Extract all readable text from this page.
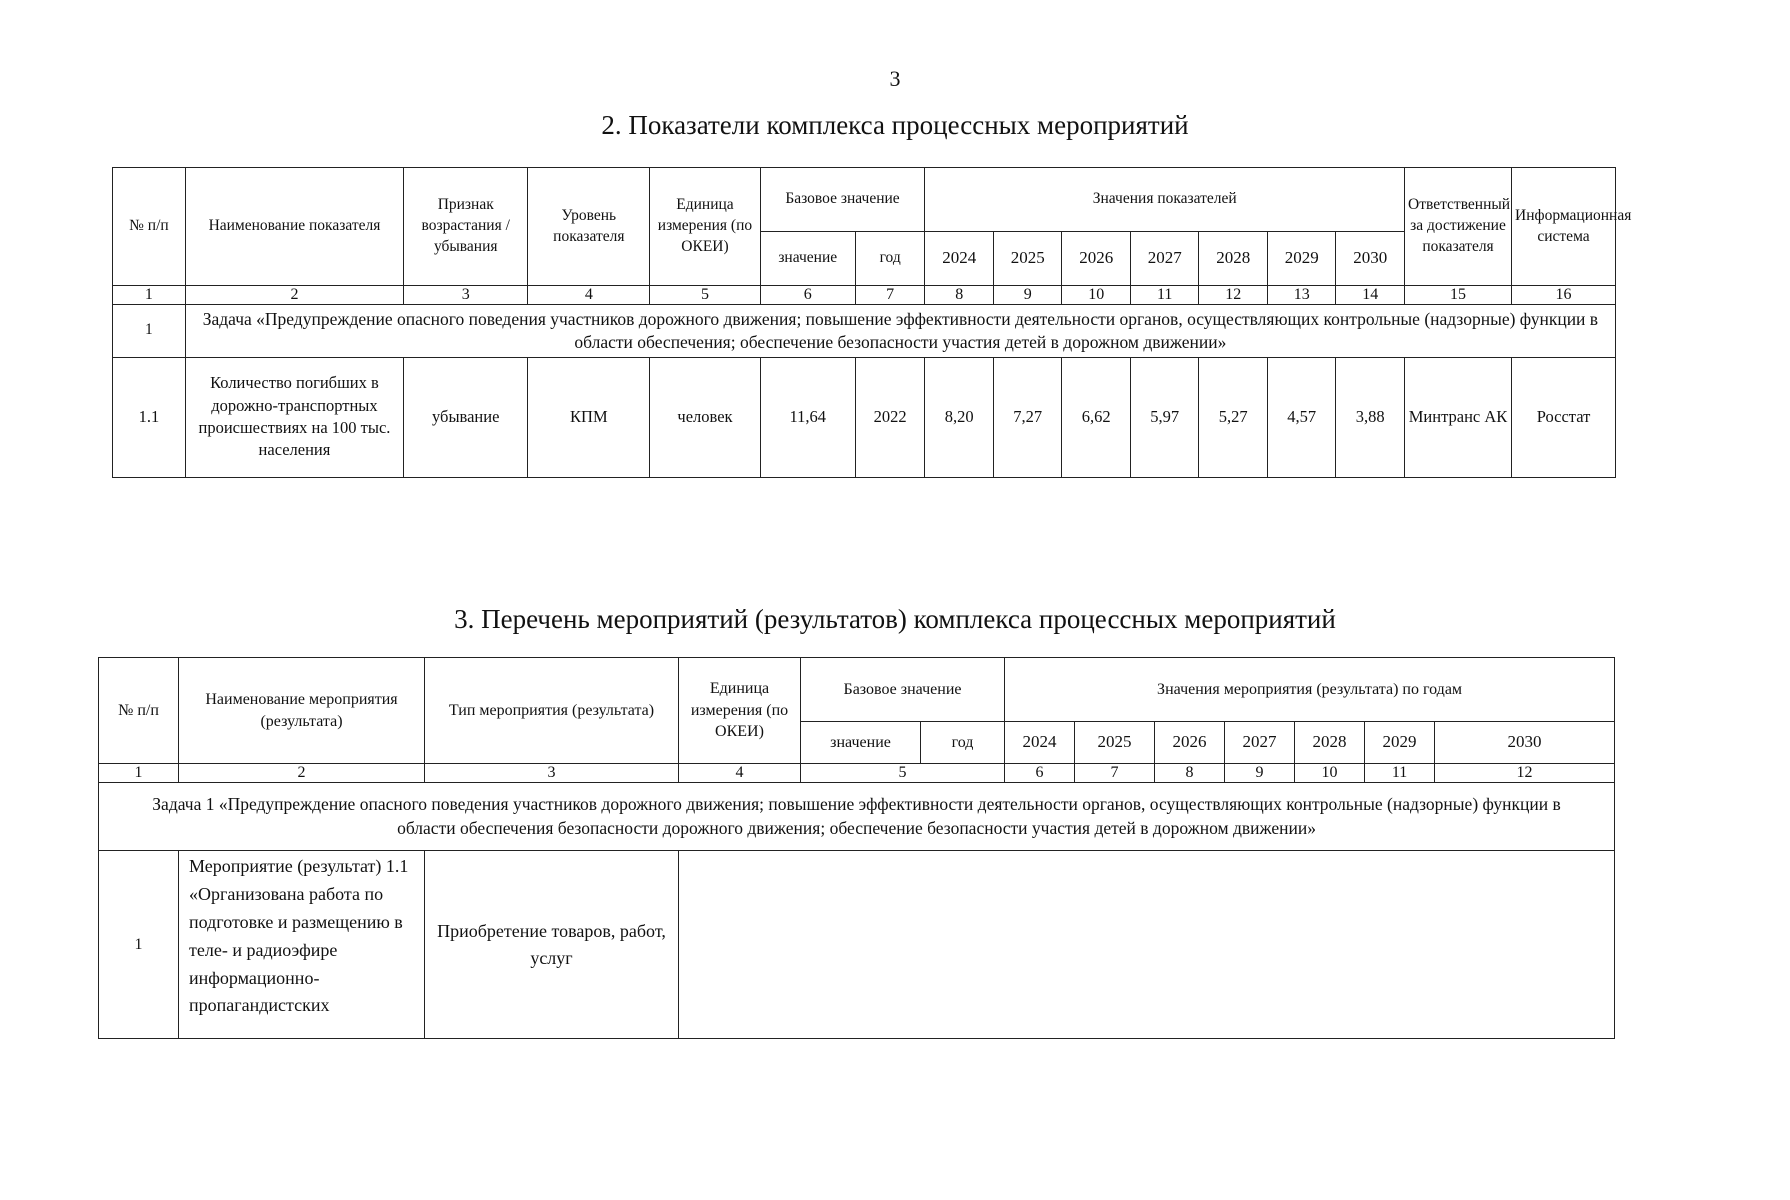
3
2. Показатели комплекса процессных мероприятий
№ п/п	Наименование показателя	Признак возрастания /убывания	Уровень показателя	Единица измерения (по ОКЕИ)	Базовое значение		Значения показателей							Ответственный за достижение показателя	Информационная система
					значение	год	2024	2025	2026	2027	2028	2029	2030		
1	2	3	4	5	6	7	8	9	10	11	12	13	14	15	16
1	Задача «Предупреждение опасного поведения участников дорожного движения; повышение эффективности деятельности органов, осуществляющих контрольные (надзорные) функции в области обеспечения; обеспечение безопасности участия детей в дорожном движении»														
1.1	Количество погибших в дорожно-транспортных происшествиях на 100 тыс. населения	убывание	КПМ	человек	11,64	2022	8,20	7,27	6,62	5,97	5,27	4,57	3,88	Минтранс АК	Росстат
3. Перечень мероприятий (результатов) комплекса процессных мероприятий
№ п/п	Наименование мероприятия (результата)	Тип мероприятия (результата)	Единица измерения (по ОКЕИ)	Базовое значение		Значения мероприятия (результата) по годам						
				значение	год	2024	2025	2026	2027	2028	2029	2030
1	2	3	4	5		6	7	8	9	10	11	12
Задача 1 «Предупреждение опасного поведения участников дорожного движения; повышение эффективности деятельности органов, осуществляющих контрольные (надзорные) функции в области обеспечения безопасности дорожного движения; обеспечение безопасности участия детей в дорожном движении»												
1	Мероприятие (результат) 1.1 «Организована работа по подготовке и размещению в теле- и радиоэфире информационно-пропагандистских	Приобретение товаров, работ, услуг										
